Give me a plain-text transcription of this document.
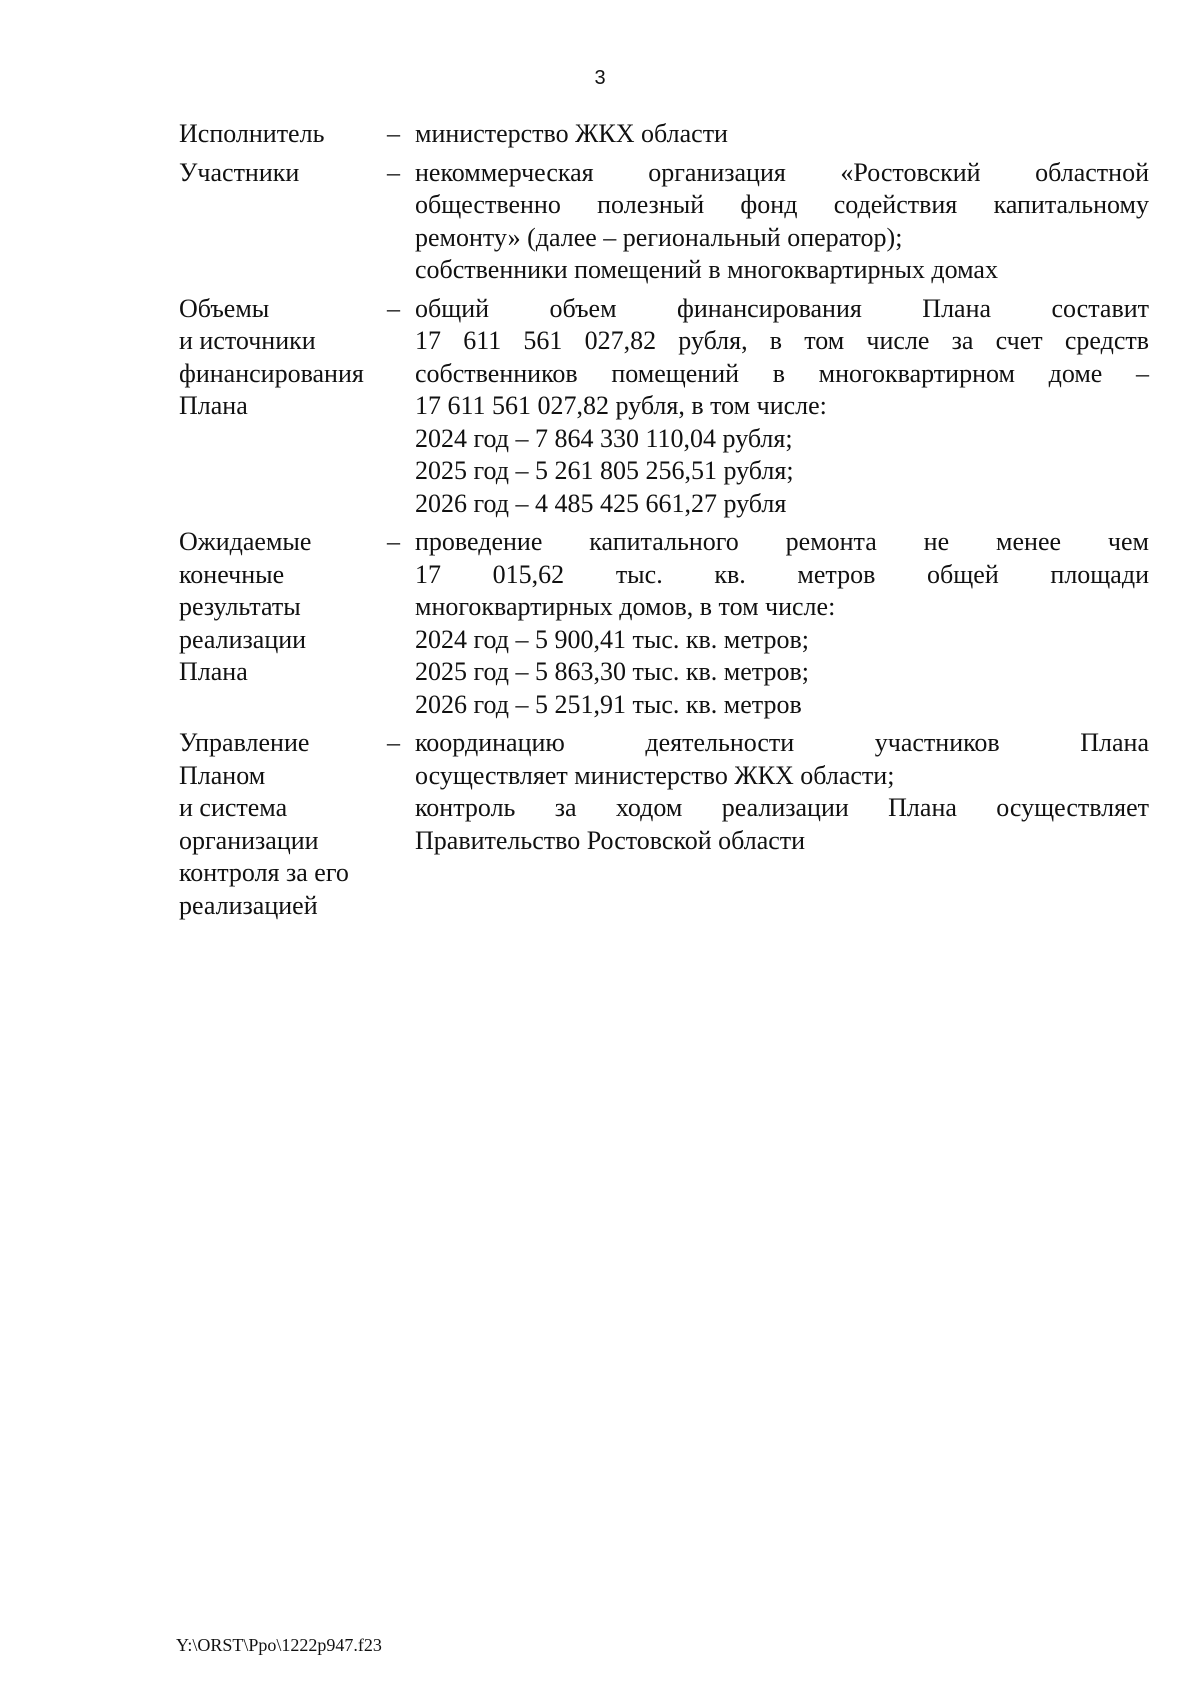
3
Исполнитель	– министерство ЖКХ области
Участники	– некоммерческая организация «Ростовский областной
общественно полезный фонд содействия капитальному
ремонту» (далее – региональный оператор);
собственники помещений в многоквартирных домах
Объемы
и источники
финансирования
Плана
– общий объем финансирования Плана составит
17 611 561 027,82 рубля, в том числе за счет средств
собственников помещений в многоквартирном доме –
17 611 561 027,82 рубля, в том числе:
2024 год – 7 864 330 110,04 рубля;
2025 год – 5 261 805 256,51 рубля;
2026 год – 4 485 425 661,27 рубля
Ожидаемые
конечные
результаты
реализации
Плана
– проведение капитального ремонта не менее чем
17 015,62 тыс. кв. метров общей площади
многоквартирных домов, в том числе:
2024 год – 5 900,41 тыс. кв. метров;
2025 год – 5 863,30 тыс. кв. метров;
2026 год – 5 251,91 тыс. кв. метров
Управление
Планом
и система
организации
контроля за его
реализацией
– координацию деятельности участников Плана
осуществляет министерство ЖКХ области;
контроль за ходом реализации Плана осуществляет
Правительство Ростовской области
Y:\ORST\Ppo\1222p947.f23
